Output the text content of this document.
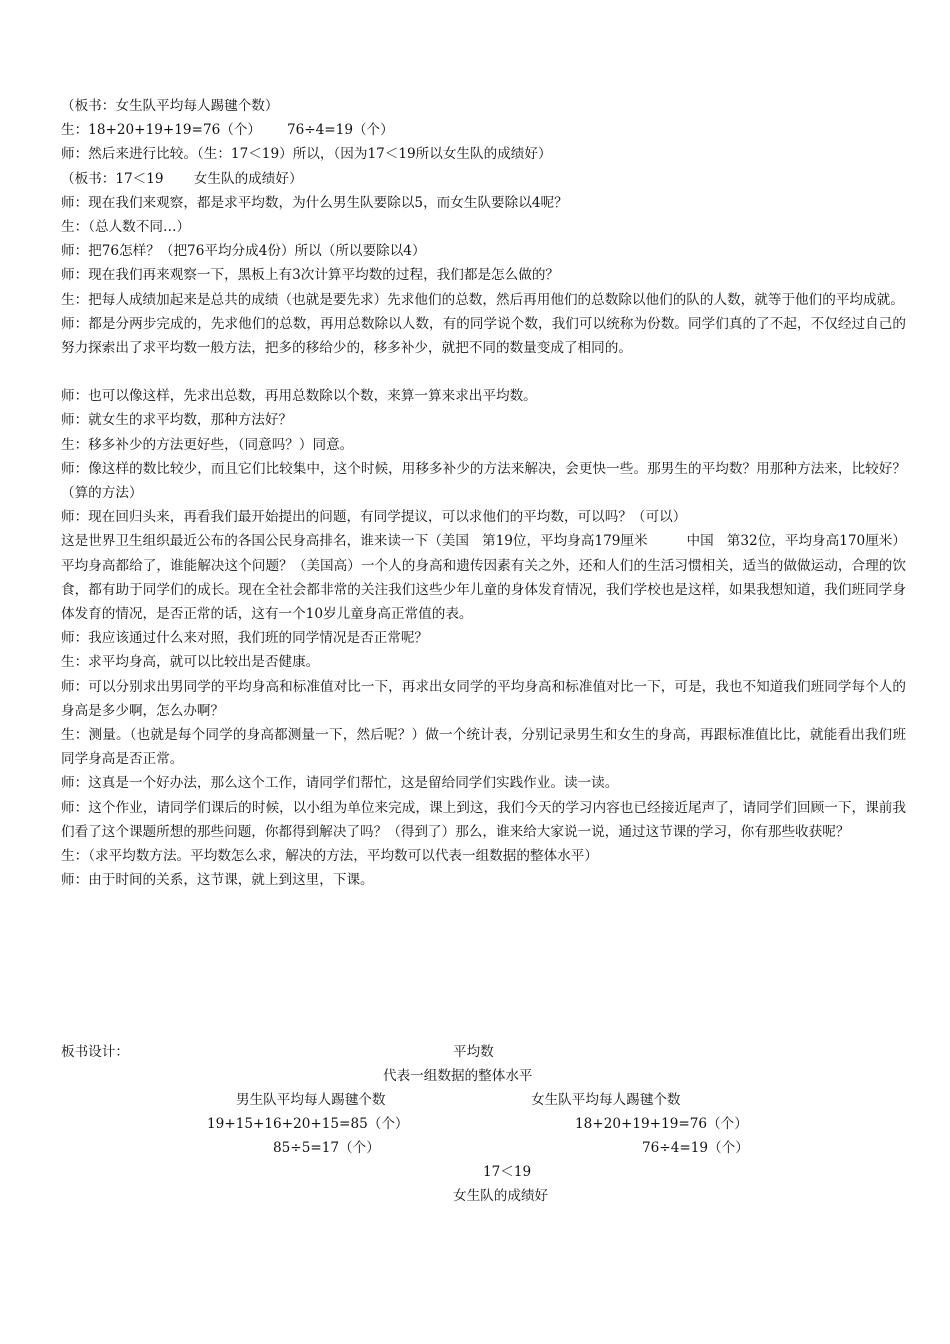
（板书：女生队平均每人踢毽个数）

生：18+20+19+19=76（个）      76÷4=19（个）

师：然后来进行比较。（生：17＜19）所以，（因为17＜19所以女生队的成绩好）

（板书：17＜19       女生队的成绩好）

师：现在我们来观察，都是求平均数，为什么男生队要除以5，而女生队要除以4呢？

生：（总人数不同…）

师：把76怎样？（把76平均分成4份）所以（所以要除以4）

师：现在我们再来观察一下，黑板上有3次计算平均数的过程，我们都是怎么做的？

生：把每人成绩加起来是总共的成绩（也就是要先求）先求他们的总数，然后再用他们的总数除以他们的队的人数，就等于他们的平均成就。

师：都是分两步完成的，先求他们的总数，再用总数除以人数，有的同学说个数，我们可以统称为份数。同学们真的了不起，不仅经过自己的努力探索出了求平均数一般方法，把多的移给少的，移多补少，就把不同的数量变成了相同的。

师：也可以像这样，先求出总数，再用总数除以个数，来算一算来求出平均数。

师：就女生的求平均数，那种方法好？

生：移多补少的方法更好些，（同意吗？）同意。

师：像这样的数比较少，而且它们比较集中，这个时候，用移多补少的方法来解决，会更快一些。那男生的平均数？用那种方法来，比较好？（算的方法）

师：现在回归头来，再看我们最开始提出的问题，有同学提议，可以求他们的平均数，可以吗？（可以）

这是世界卫生组织最近公布的各国公民身高排名，谁来读一下（美国   第19位，平均身高179厘米         中国   第32位，平均身高170厘米）平均身高都给了，谁能解决这个问题？（美国高）一个人的身高和遗传因素有关之外，还和人们的生活习惯相关，适当的做做运动，合理的饮食，都有助于同学们的成长。现在全社会都非常的关注我们这些少年儿童的身体发育情况，我们学校也是这样，如果我想知道，我们班同学身体发育的情况，是否正常的话，这有一个10岁儿童身高正常值的表。

师：我应该通过什么来对照，我们班的同学情况是否正常呢？

生：求平均身高，就可以比较出是否健康。

师：可以分别求出男同学的平均身高和标准值对比一下，再求出女同学的平均身高和标准值对比一下，可是，我也不知道我们班同学每个人的身高是多少啊，怎么办啊？

生：测量。（也就是每个同学的身高都测量一下，然后呢？）做一个统计表，分别记录男生和女生的身高，再跟标准值比比，就能看出我们班同学身高是否正常。

师：这真是一个好办法，那么这个工作，请同学们帮忙，这是留给同学们实践作业。读一读。

师：这个作业，请同学们课后的时候，以小组为单位来完成，课上到这，我们今天的学习内容也已经接近尾声了，请同学们回顾一下，课前我们看了这个课题所想的那些问题，你都得到解决了吗？（得到了）那么，谁来给大家说一说，通过这节课的学习，你有那些收获呢？

生：（求平均数方法。平均数怎么求，解决的方法，平均数可以代表一组数据的整体水平）

师：由于时间的关系，这节课，就上到这里，下课。

板书设计：	平均数
代表一组数据的整体水平
男生队平均每人踢毽个数	女生队平均每人踢毽个数
19+15+16+20+15=85（个）	18+20+19+19=76（个）
85÷5=17（个）	76÷4=19（个）
17＜19
女生队的成绩好
